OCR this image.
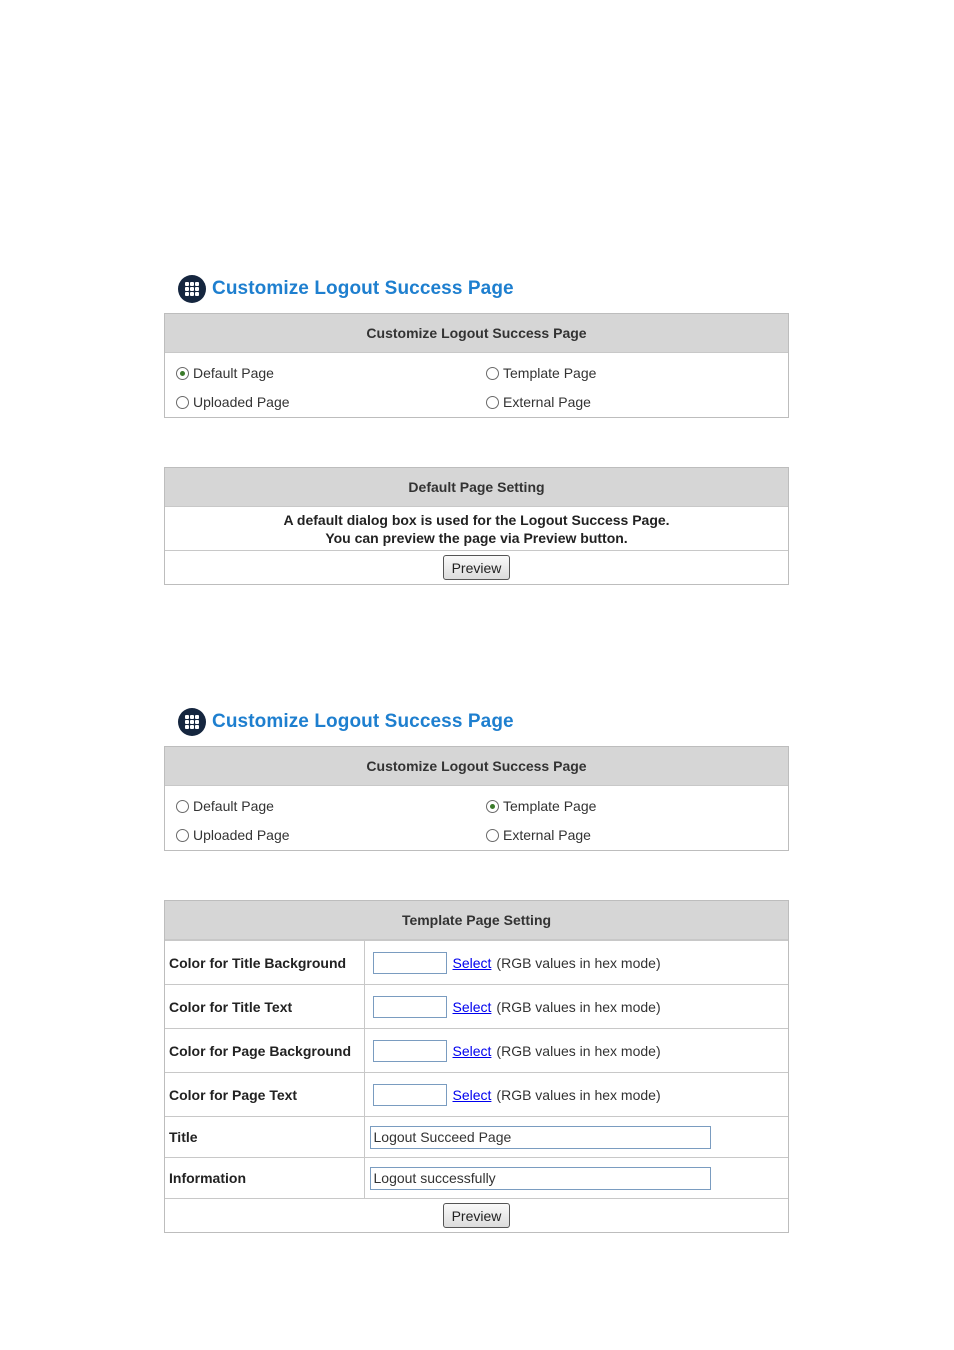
Customize Logout Success Page
Customize Logout Success Page
Default Page	Template Page
Uploaded Page	External Page
Default Page Setting
A default dialog box is used for the Logout Success Page.
You can preview the page via Preview button.
Preview
Customize Logout Success Page
Customize Logout Success Page
Default Page	Template Page
Uploaded Page	External Page
Template Page Setting
Color for Title Background	Select (RGB values in hex mode)
Color for Title Text	Select (RGB values in hex mode)
Color for Page Background	Select (RGB values in hex mode)
Color for Page Text	Select (RGB values in hex mode)
Title	Logout Succeed Page

Information	Logout successfully
Preview
